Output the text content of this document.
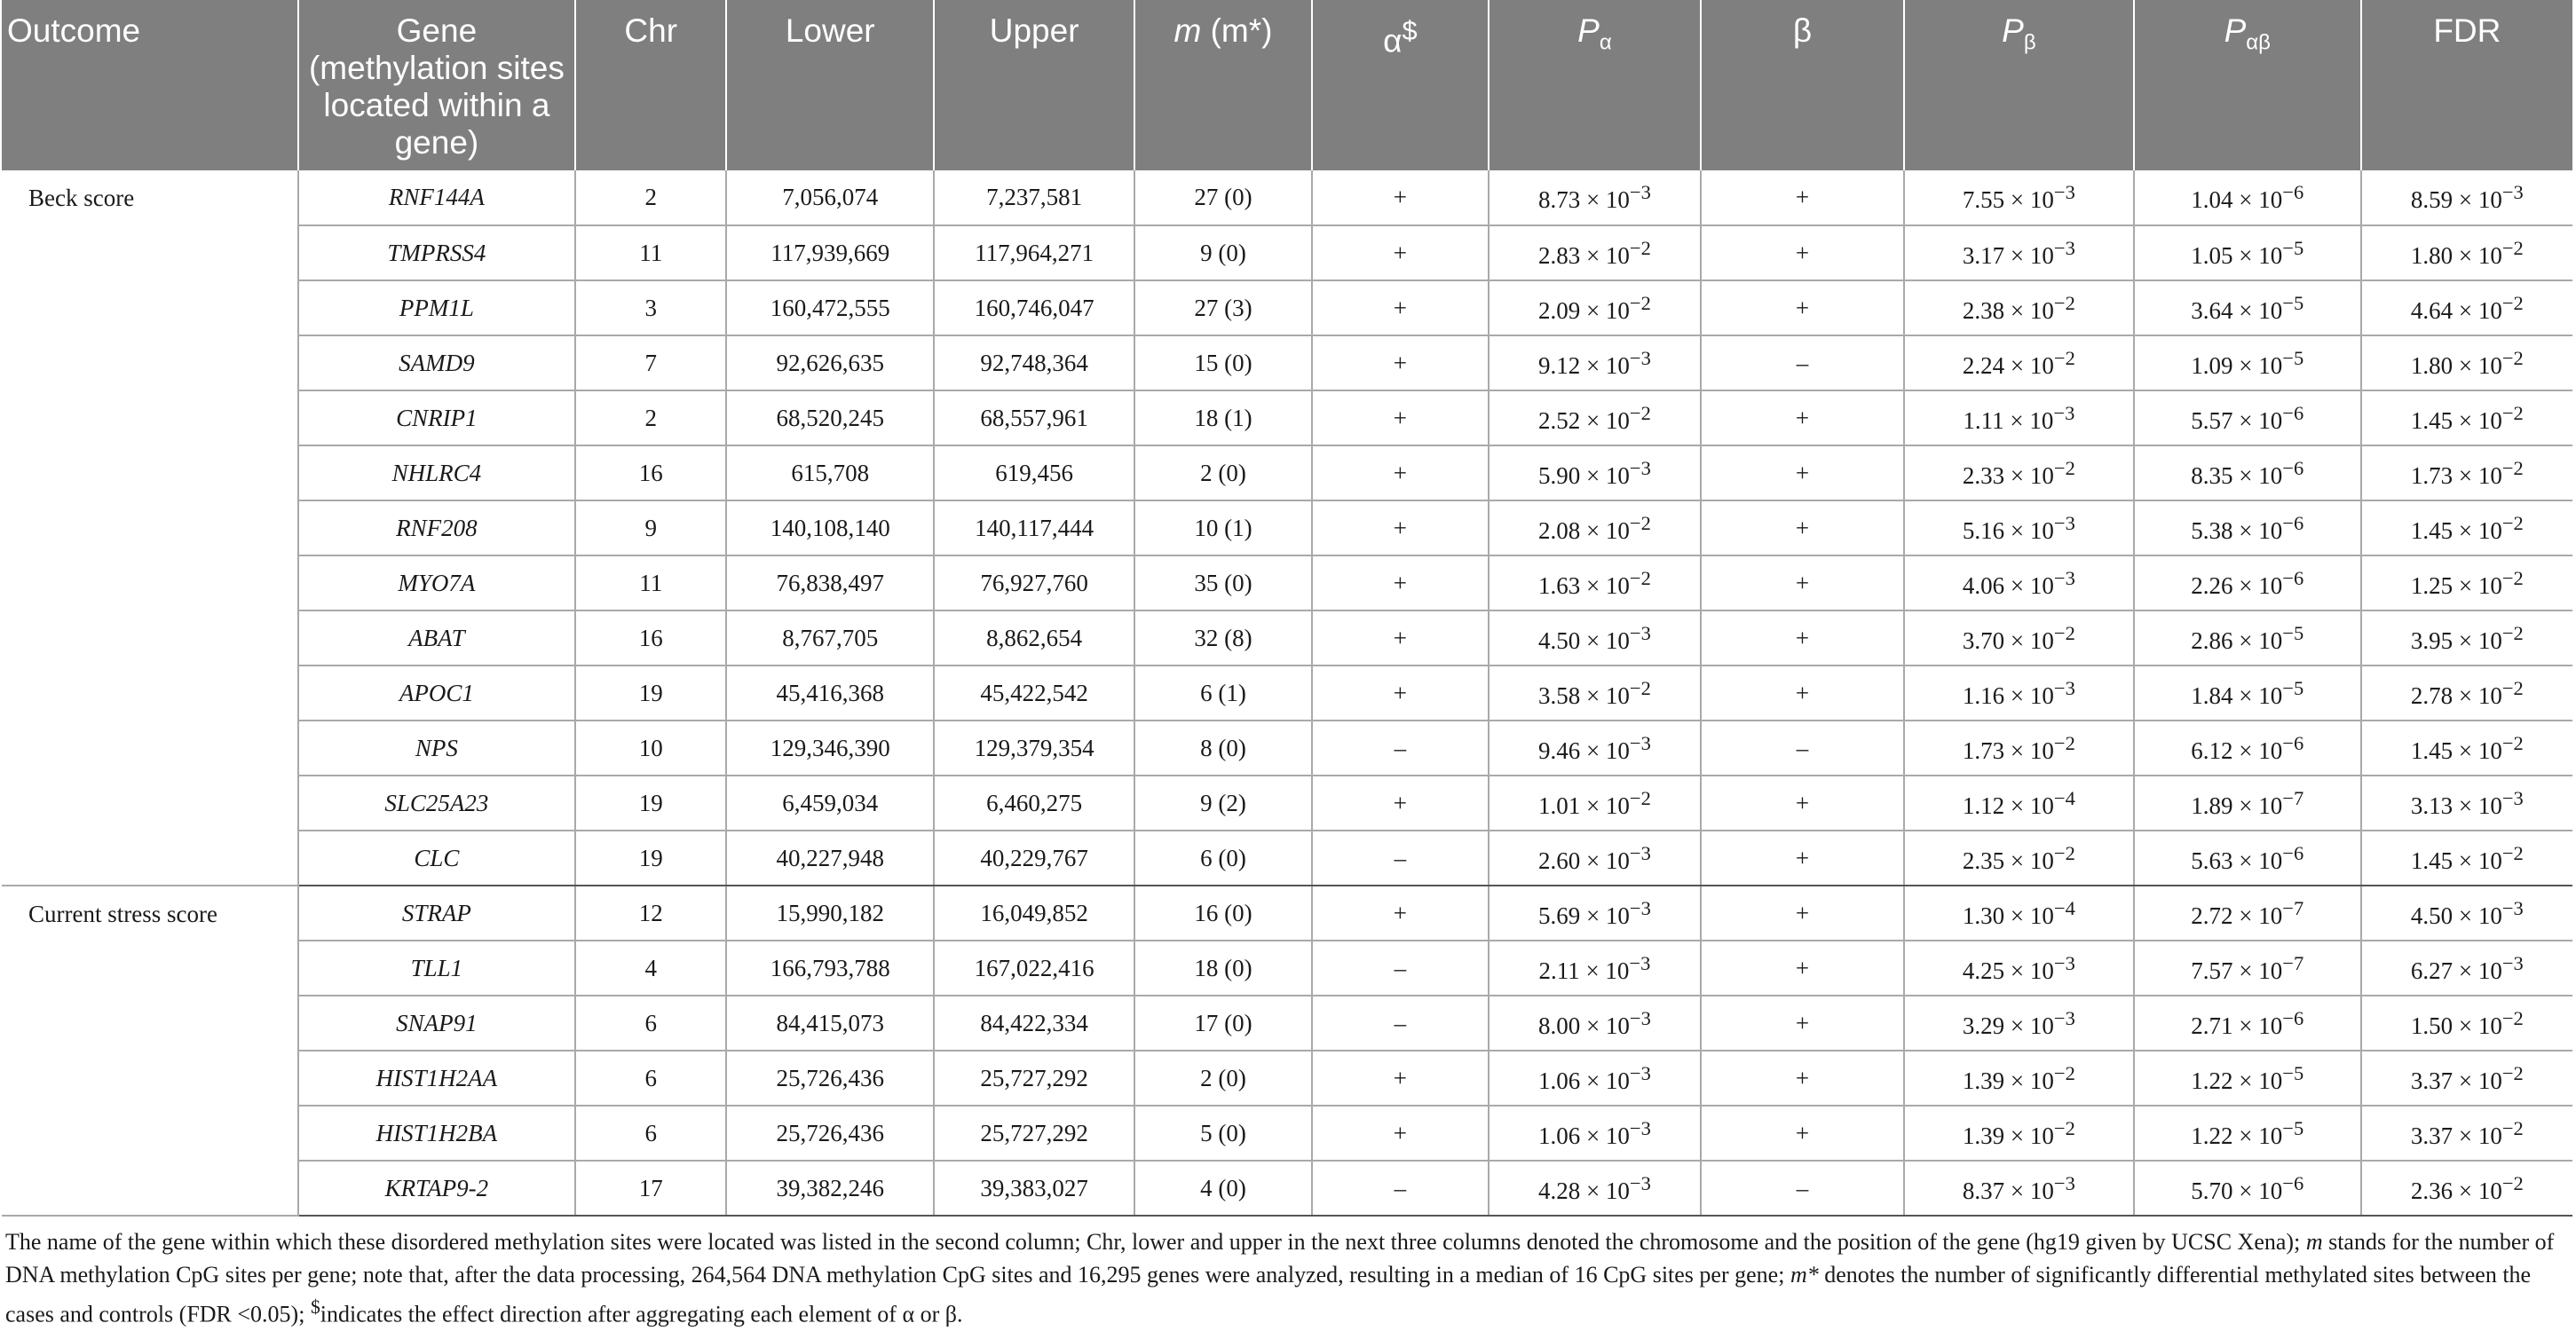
Outcome	Gene (methylation sites located within a gene)	Chr	Lower	Upper	m (m*)	α$	$P_\alpha$	β	$P_\beta$	$P_{\alpha\beta}$	FDR
Beck score	RNF144A	2	7,056,074	7,237,581	27 (0)	+	$8.73 \times 10^{-3}$	+	$7.55 \times 10^{-3}$	$1.04 \times 10^{-6}$	$8.59 \times 10^{-3}$
	TMPRSS4	11	117,939,669	117,964,271	9 (0)	+	$2.83 \times 10^{-2}$	+	$3.17 \times 10^{-3}$	$1.05 \times 10^{-5}$	$1.80 \times 10^{-2}$
	PPM1L	3	160,472,555	160,746,047	27 (3)	+	$2.09 \times 10^{-2}$	+	$2.38 \times 10^{-2}$	$3.64 \times 10^{-5}$	$4.64 \times 10^{-2}$
	SAMD9	7	92,626,635	92,748,364	15 (0)	+	$9.12 \times 10^{-3}$	–	$2.24 \times 10^{-2}$	$1.09 \times 10^{-5}$	$1.80 \times 10^{-2}$
	CNRIP1	2	68,520,245	68,557,961	18 (1)	+	$2.52 \times 10^{-2}$	+	$1.11 \times 10^{-3}$	$5.57 \times 10^{-6}$	$1.45 \times 10^{-2}$
	NHLRC4	16	615,708	619,456	2 (0)	+	$5.90 \times 10^{-3}$	+	$2.33 \times 10^{-2}$	$8.35 \times 10^{-6}$	$1.73 \times 10^{-2}$
	RNF208	9	140,108,140	140,117,444	10 (1)	+	$2.08 \times 10^{-2}$	+	$5.16 \times 10^{-3}$	$5.38 \times 10^{-6}$	$1.45 \times 10^{-2}$
	MYO7A	11	76,838,497	76,927,760	35 (0)	+	$1.63 \times 10^{-2}$	+	$4.06 \times 10^{-3}$	$2.26 \times 10^{-6}$	$1.25 \times 10^{-2}$
	ABAT	16	8,767,705	8,862,654	32 (8)	+	$4.50 \times 10^{-3}$	+	$3.70 \times 10^{-2}$	$2.86 \times 10^{-5}$	$3.95 \times 10^{-2}$
	APOC1	19	45,416,368	45,422,542	6 (1)	+	$3.58 \times 10^{-2}$	+	$1.16 \times 10^{-3}$	$1.84 \times 10^{-5}$	$2.78 \times 10^{-2}$
	NPS	10	129,346,390	129,379,354	8 (0)	–	$9.46 \times 10^{-3}$	–	$1.73 \times 10^{-2}$	$6.12 \times 10^{-6}$	$1.45 \times 10^{-2}$
	SLC25A23	19	6,459,034	6,460,275	9 (2)	+	$1.01 \times 10^{-2}$	+	$1.12 \times 10^{-4}$	$1.89 \times 10^{-7}$	$3.13 \times 10^{-3}$
	CLC	19	40,227,948	40,229,767	6 (0)	–	$2.60 \times 10^{-3}$	+	$2.35 \times 10^{-2}$	$5.63 \times 10^{-6}$	$1.45 \times 10^{-2}$
Current stress score	STRAP	12	15,990,182	16,049,852	16 (0)	+	$5.69 \times 10^{-3}$	+	$1.30 \times 10^{-4}$	$2.72 \times 10^{-7}$	$4.50 \times 10^{-3}$
	TLL1	4	166,793,788	167,022,416	18 (0)	–	$2.11 \times 10^{-3}$	+	$4.25 \times 10^{-3}$	$7.57 \times 10^{-7}$	$6.27 \times 10^{-3}$
	SNAP91	6	84,415,073	84,422,334	17 (0)	–	$8.00 \times 10^{-3}$	+	$3.29 \times 10^{-3}$	$2.71 \times 10^{-6}$	$1.50 \times 10^{-2}$
	HIST1H2AA	6	25,726,436	25,727,292	2 (0)	+	$1.06 \times 10^{-3}$	+	$1.39 \times 10^{-2}$	$1.22 \times 10^{-5}$	$3.37 \times 10^{-2}$
	HIST1H2BA	6	25,726,436	25,727,292	5 (0)	+	$1.06 \times 10^{-3}$	+	$1.39 \times 10^{-2}$	$1.22 \times 10^{-5}$	$3.37 \times 10^{-2}$
	KRTAP9-2	17	39,382,246	39,383,027	4 (0)	–	$4.28 \times 10^{-3}$	–	$8.37 \times 10^{-3}$	$5.70 \times 10^{-6}$	$2.36 \times 10^{-2}$
The name of the gene within which these disordered methylation sites were located was listed in the second column; Chr, lower and upper in the next three columns denoted the chromosome and the position of the gene (hg19 given by UCSC Xena); m stands for the number of DNA methylation CpG sites per gene; note that, after the data processing, 264,564 DNA methylation CpG sites and 16,295 genes were analyzed, resulting in a median of 16 CpG sites per gene; m* denotes the number of significantly differential methylated sites between the cases and controls (FDR <0.05); $indicates the effect direction after aggregating each element of α or β.
